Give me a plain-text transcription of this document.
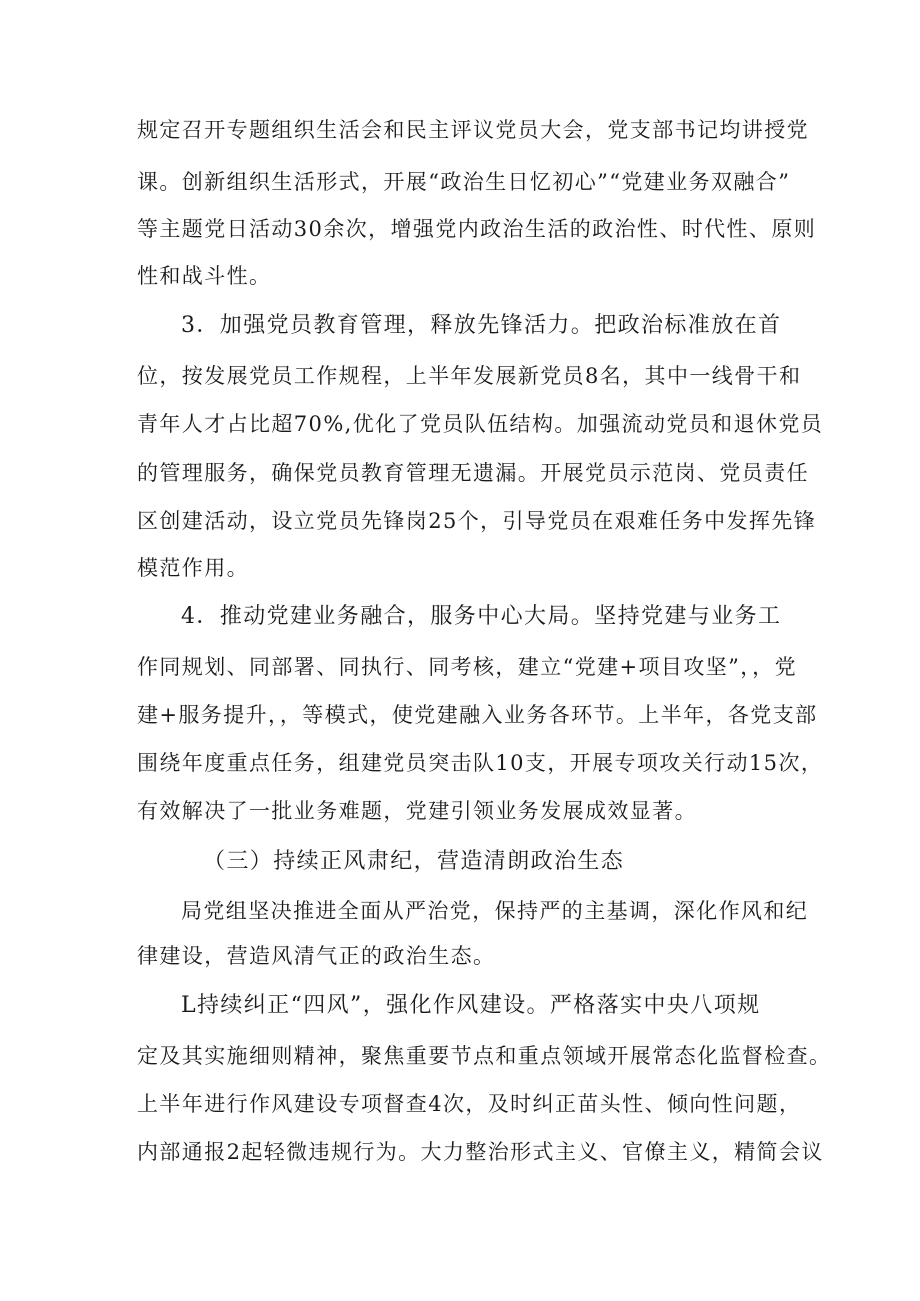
规定召开专题组织生活会和民主评议党员大会，党支部书记均讲授党
课。创新组织生活形式，开展“政治生日忆初心”“党建业务双融合”
等主题党日活动30余次，增强党内政治生活的政治性、时代性、原则
性和战斗性。
3．加强党员教育管理，释放先锋活力。把政治标准放在首
位，按发展党员工作规程，上半年发展新党员8名，其中一线骨干和
青年人才占比超70%,优化了党员队伍结构。加强流动党员和退休党员
的管理服务，确保党员教育管理无遗漏。开展党员示范岗、党员责任
区创建活动，设立党员先锋岗25个，引导党员在艰难任务中发挥先锋
模范作用。
4．推动党建业务融合，服务中心大局。坚持党建与业务工
作同规划、同部署、同执行、同考核，建立“党建+项目攻坚”，，党
建+服务提升，，等模式，使党建融入业务各环节。上半年，各党支部
围绕年度重点任务，组建党员突击队10支，开展专项攻关行动15次，
有效解决了一批业务难题，党建引领业务发展成效显著。
（三）持续正风肃纪，营造清朗政治生态
局党组坚决推进全面从严治党，保持严的主基调，深化作风和纪
律建设，营造风清气正的政治生态。
L持续纠正“四风”，强化作风建设。严格落实中央八项规
定及其实施细则精神，聚焦重要节点和重点领域开展常态化监督检查。
上半年进行作风建设专项督查4次，及时纠正苗头性、倾向性问题，
内部通报2起轻微违规行为。大力整治形式主义、官僚主义，精简会议
